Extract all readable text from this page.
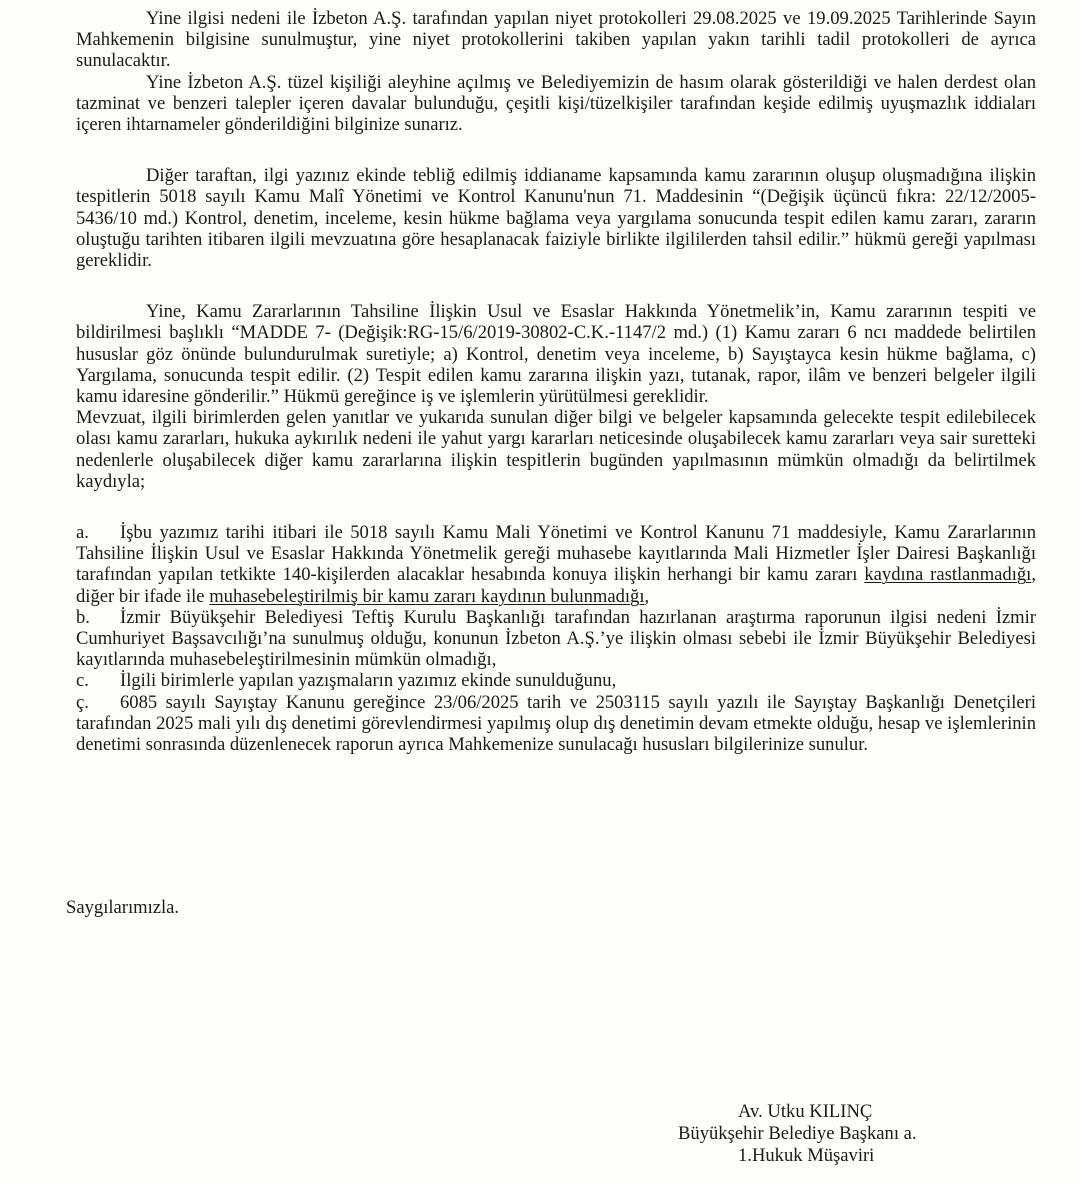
Yine ilgisi nedeni ile İzbeton A.Ş. tarafından yapılan niyet protokolleri 29.08.2025 ve 19.09.2025 Tarihlerinde Sayın Mahkemenin bilgisine sunulmuştur, yine niyet protokollerini takiben yapılan yakın tarihli tadil protokolleri de ayrıca sunulacaktır.

Yine İzbeton A.Ş. tüzel kişiliği aleyhine açılmış ve Belediyemizin de hasım olarak gösterildiği ve halen derdest olan tazminat ve benzeri talepler içeren davalar bulunduğu, çeşitli kişi/tüzelkişiler tarafından keşide edilmiş uyuşmazlık iddiaları içeren ihtarnameler gönderildiğini bilginize sunarız.

Diğer taraftan, ilgi yazınız ekinde tebliğ edilmiş iddianame kapsamında kamu zararının oluşup oluşmadığına ilişkin tespitlerin 5018 sayılı Kamu Malî Yönetimi ve Kontrol Kanunu'nun 71. Maddesinin “(Değişik üçüncü fıkra: 22/12/2005-5436/10 md.) Kontrol, denetim, inceleme, kesin hükme bağlama veya yargılama sonucunda tespit edilen kamu zararı, zararın oluştuğu tarihten itibaren ilgili mevzuatına göre hesaplanacak faiziyle birlikte ilgililerden tahsil edilir.” hükmü gereği yapılması gereklidir.

Yine, Kamu Zararlarının Tahsiline İlişkin Usul ve Esaslar Hakkında Yönetmelik’in, Kamu zararının tespiti ve bildirilmesi başlıklı “MADDE 7- (Değişik:RG-15/6/2019-30802-C.K.-1147/2 md.) (1) Kamu zararı 6 ncı maddede belirtilen hususlar göz önünde bulundurulmak suretiyle; a) Kontrol, denetim veya inceleme, b) Sayıştayca kesin hükme bağlama, c) Yargılama, sonucunda tespit edilir. (2) Tespit edilen kamu zararına ilişkin yazı, tutanak, rapor, ilâm ve benzeri belgeler ilgili kamu idaresine gönderilir.” Hükmü gereğince iş ve işlemlerin yürütülmesi gereklidir.

Mevzuat, ilgili birimlerden gelen yanıtlar ve yukarıda sunulan diğer bilgi ve belgeler kapsamında gelecekte tespit edilebilecek olası kamu zararları, hukuka aykırılık nedeni ile yahut yargı kararları neticesinde oluşabilecek kamu zararları veya sair suretteki nedenlerle oluşabilecek diğer kamu zararlarına ilişkin tespitlerin bugünden yapılmasının mümkün olmadığı da belirtilmek kaydıyla;

a. İşbu yazımız tarihi itibari ile 5018 sayılı Kamu Mali Yönetimi ve Kontrol Kanunu 71 maddesiyle, Kamu Zararlarının Tahsiline İlişkin Usul ve Esaslar Hakkında Yönetmelik gereği muhasebe kayıtlarında Mali Hizmetler İşler Dairesi Başkanlığı tarafından yapılan tetkikte 140-kişilerden alacaklar hesabında konuya ilişkin herhangi bir kamu zararı kaydına rastlanmadığı, diğer bir ifade ile muhasebeleştirilmiş bir kamu zararı kaydının bulunmadığı,

b. İzmir Büyükşehir Belediyesi Teftiş Kurulu Başkanlığı tarafından hazırlanan araştırma raporunun ilgisi nedeni İzmir Cumhuriyet Başsavcılığı’na sunulmuş olduğu, konunun İzbeton A.Ş.’ye ilişkin olması sebebi ile İzmir Büyükşehir Belediyesi kayıtlarında muhasebeleştirilmesinin mümkün olmadığı,

c. İlgili birimlerle yapılan yazışmaların yazımız ekinde sunulduğunu,

ç. 6085 sayılı Sayıştay Kanunu gereğince 23/06/2025 tarih ve 2503115 sayılı yazılı ile Sayıştay Başkanlığı Denetçileri tarafından 2025 mali yılı dış denetimi görevlendirmesi yapılmış olup dış denetimin devam etmekte olduğu, hesap ve işlemlerinin denetimi sonrasında düzenlenecek raporun ayrıca Mahkemenize sunulacağı hususları bilgilerinize sunulur.

Saygılarımızla.
Av. Utku KILINÇ
Büyükşehir Belediye Başkanı a.
1.Hukuk Müşaviri
